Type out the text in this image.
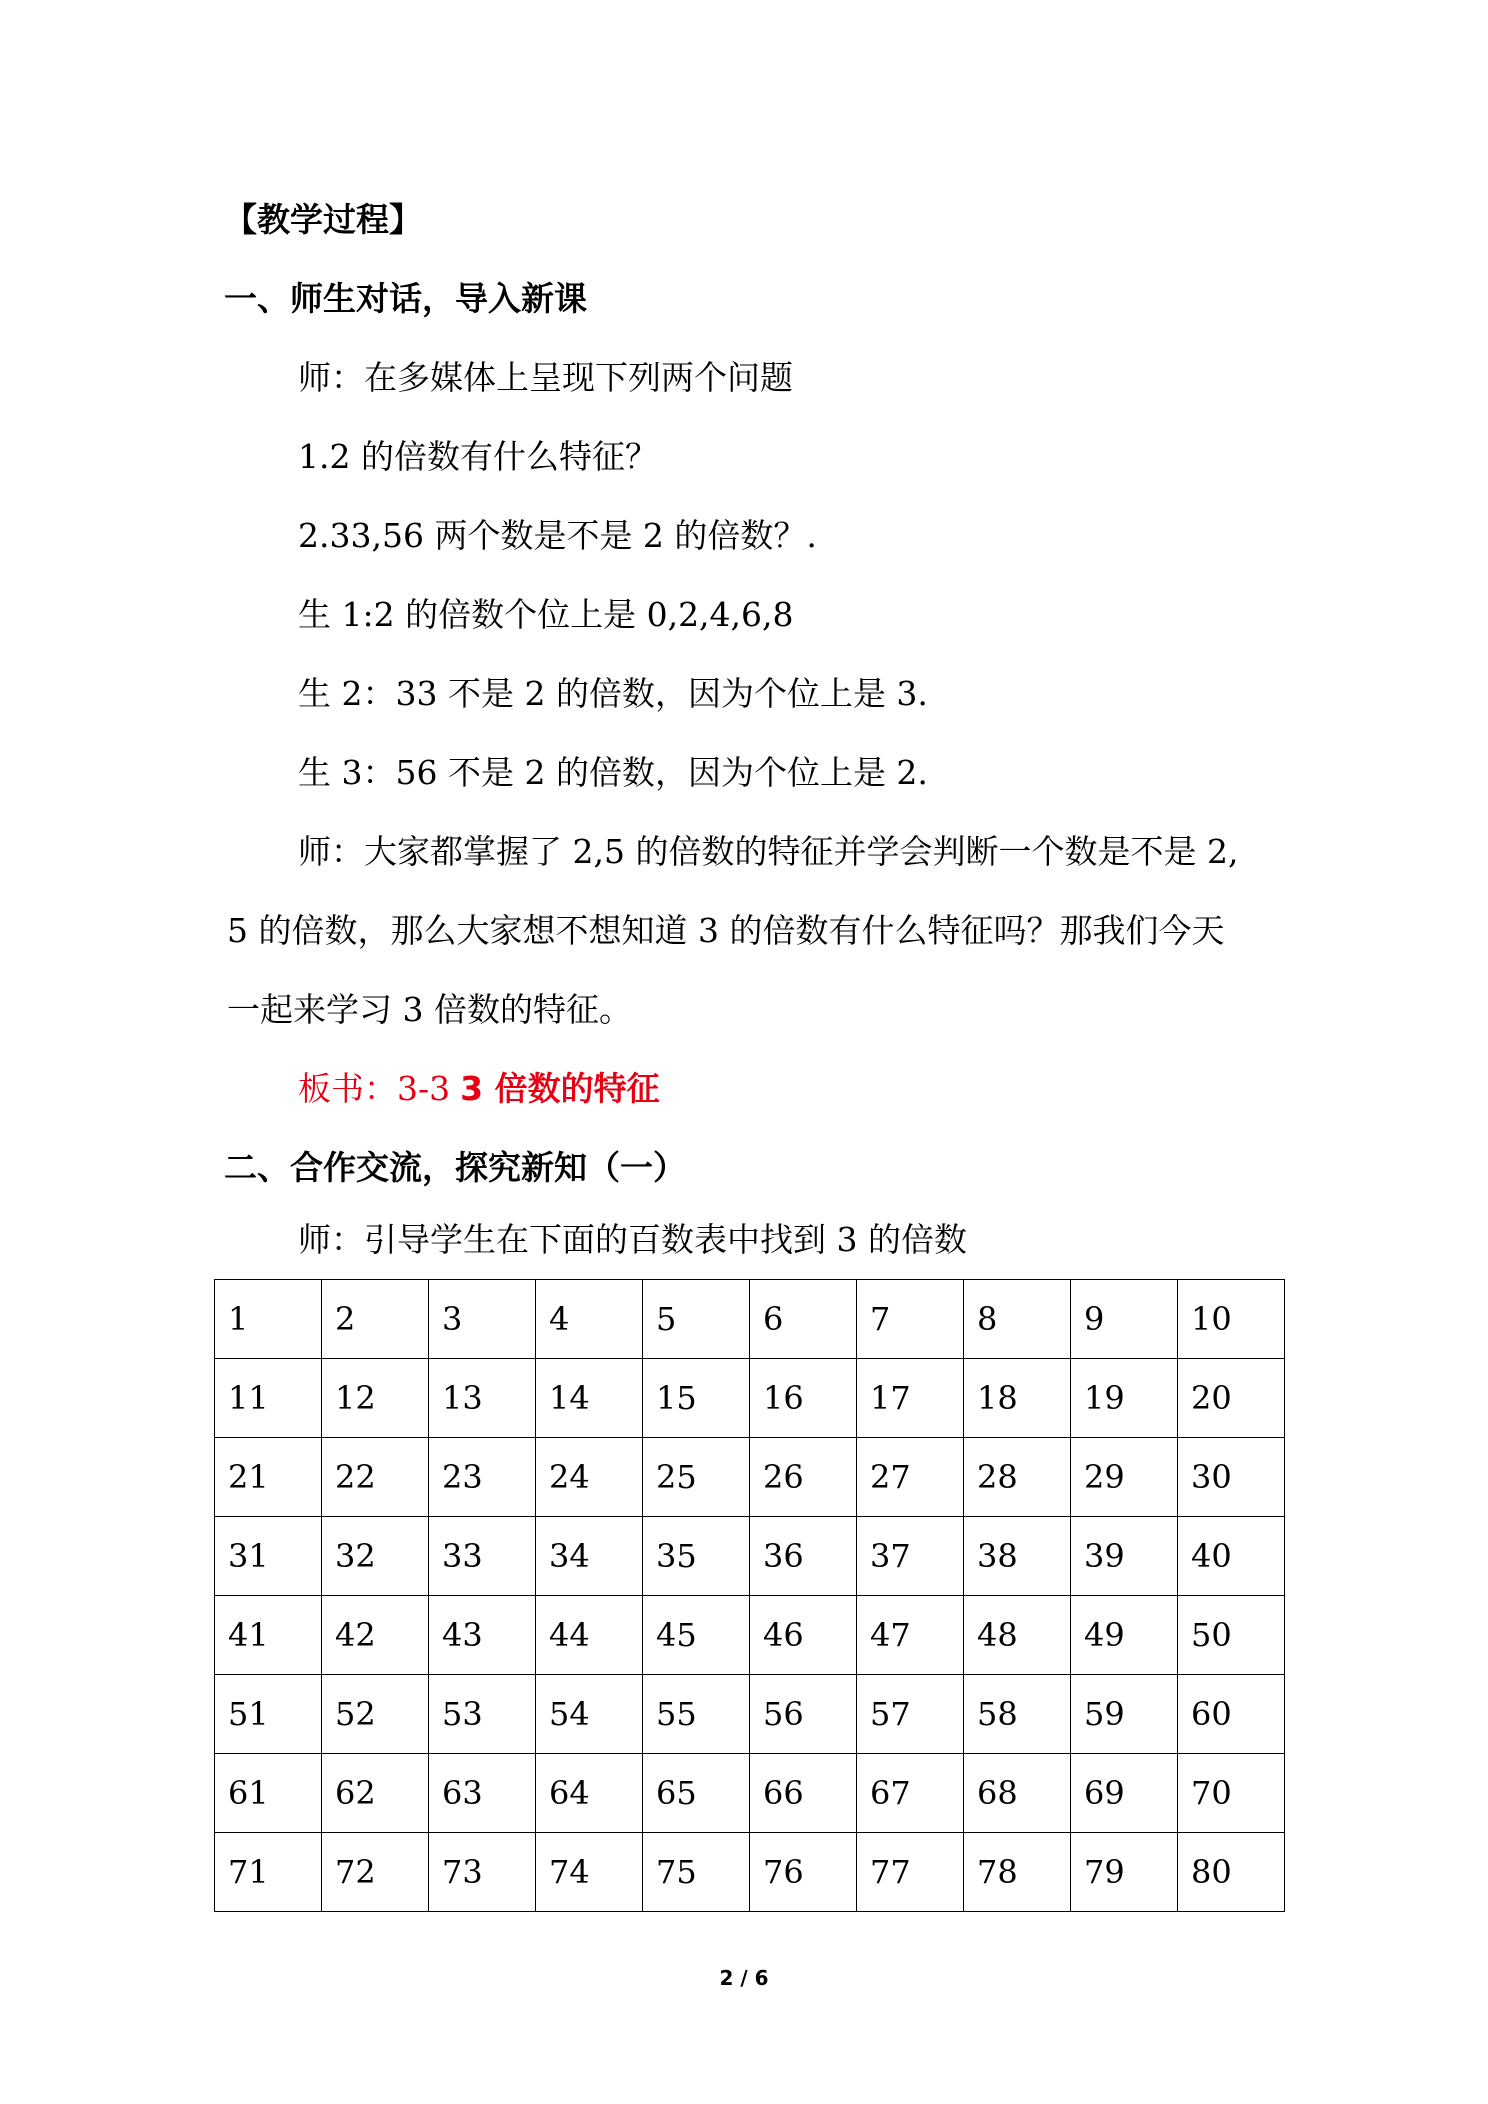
【教学过程】
一、师生对话，导入新课
师：在多媒体上呈现下列两个问题
1.2 的倍数有什么特征？
2.33,56 两个数是不是 2 的倍数？.
生 1:2 的倍数个位上是 0,2,4,6,8
生 2：33 不是 2 的倍数，因为个位上是 3.
生 3：56 不是 2 的倍数，因为个位上是 2.
师：大家都掌握了 2,5 的倍数的特征并学会判断一个数是不是 2,
5 的倍数，那么大家想不想知道 3 的倍数有什么特征吗？那我们今天
一起来学习 3 倍数的特征。
板书：3-3 3 倍数的特征
二、合作交流，探究新知（一）
师：引导学生在下面的百数表中找到 3 的倍数
1	2	3	4	5	6	7	8	9	10
11	12	13	14	15	16	17	18	19	20
21	22	23	24	25	26	27	28	29	30
31	32	33	34	35	36	37	38	39	40
41	42	43	44	45	46	47	48	49	50
51	52	53	54	55	56	57	58	59	60
61	62	63	64	65	66	67	68	69	70
71	72	73	74	75	76	77	78	79	80
2 / 6
